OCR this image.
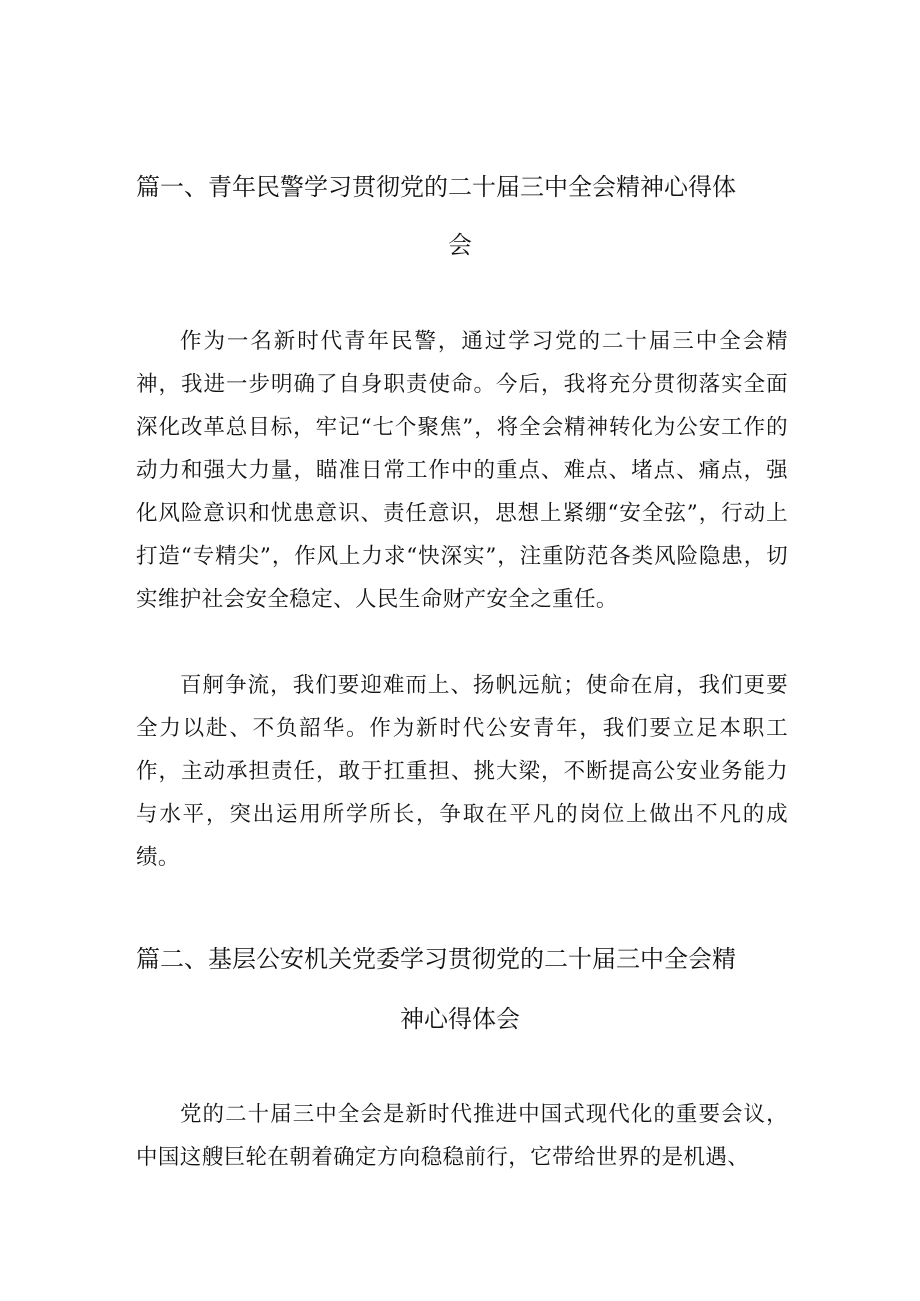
篇一、青年民警学习贯彻党的二十届三中全会精神心得体
会
作为一名新时代青年民警，通过学习党的二十届三中全会精神，我进一步明确了自身职责使命。今后，我将充分贯彻落实全面深化改革总目标，牢记“七个聚焦”，将全会精神转化为公安工作的动力和强大力量，瞄准日常工作中的重点、难点、堵点、痛点，强化风险意识和忧患意识、责任意识，思想上紧绷“安全弦”，行动上打造“专精尖”，作风上力求“快深实”，注重防范各类风险隐患，切实维护社会安全稳定、人民生命财产安全之重任。
百舸争流，我们要迎难而上、扬帆远航；使命在肩，我们更要全力以赴、不负韶华。作为新时代公安青年，我们要立足本职工作，主动承担责任，敢于扛重担、挑大梁，不断提高公安业务能力与水平，突出运用所学所长，争取在平凡的岗位上做出不凡的成绩。
篇二、基层公安机关党委学习贯彻党的二十届三中全会精
神心得体会
党的二十届三中全会是新时代推进中国式现代化的重要会议，中国这艘巨轮在朝着确定方向稳稳前行，它带给世界的是机遇、
